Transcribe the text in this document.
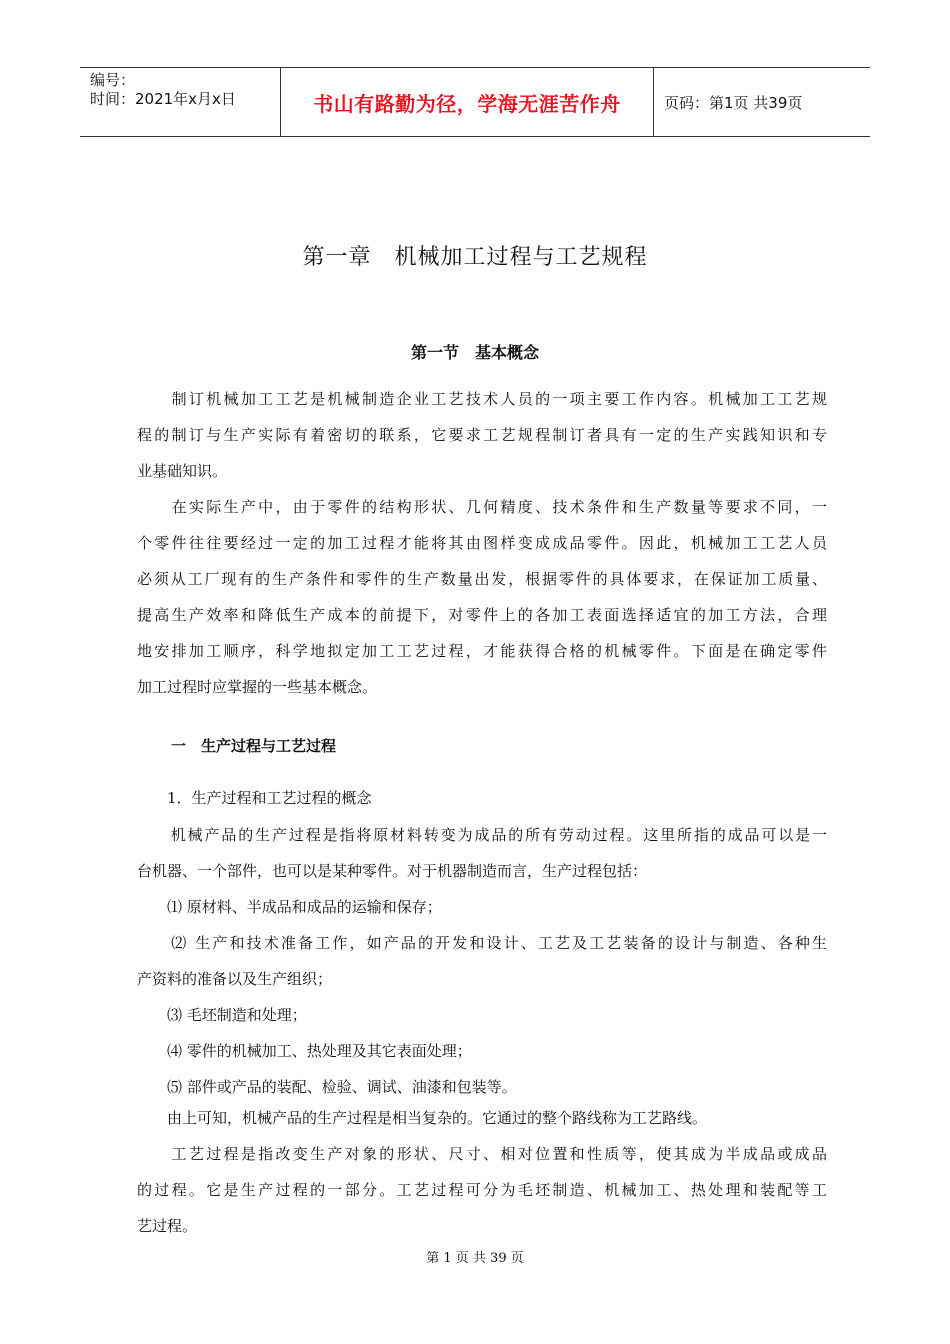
编号：
时间：2021年x月x日	书山有路勤为径，学海无涯苦作舟	页码：第1页 共39页
第一章　机械加工过程与工艺规程
第一节　基本概念
　　制订机械加工工艺是机械制造企业工艺技术人员的一项主要工作内容。机械加工工艺规
程的制订与生产实际有着密切的联系，它要求工艺规程制订者具有一定的生产实践知识和专
业基础知识。
　　在实际生产中，由于零件的结构形状、几何精度、技术条件和生产数量等要求不同，一
个零件往往要经过一定的加工过程才能将其由图样变成成品零件。因此，机械加工工艺人员
必须从工厂现有的生产条件和零件的生产数量出发，根据零件的具体要求，在保证加工质量、
提高生产效率和降低生产成本的前提下，对零件上的各加工表面选择适宜的加工方法，合理
地安排加工顺序，科学地拟定加工工艺过程，才能获得合格的机械零件。下面是在确定零件
加工过程时应掌握的一些基本概念。
一　生产过程与工艺过程
　　1．生产过程和工艺过程的概念
　　机械产品的生产过程是指将原材料转变为成品的所有劳动过程。这里所指的成品可以是一
台机器、一个部件，也可以是某种零件。对于机器制造而言，生产过程包括：
　　⑴ 原材料、半成品和成品的运输和保存；
　　⑵ 生产和技术准备工作，如产品的开发和设计、工艺及工艺装备的设计与制造、各种生
产资料的准备以及生产组织；
　　⑶ 毛坯制造和处理；
　　⑷ 零件的机械加工、热处理及其它表面处理；
　　⑸ 部件或产品的装配、检验、调试、油漆和包装等。
　　由上可知，机械产品的生产过程是相当复杂的。它通过的整个路线称为工艺路线。
　　工艺过程是指改变生产对象的形状、尺寸、相对位置和性质等，使其成为半成品或成品
的过程。它是生产过程的一部分。工艺过程可分为毛坯制造、机械加工、热处理和装配等工
艺过程。
第 1 页 共 39 页
